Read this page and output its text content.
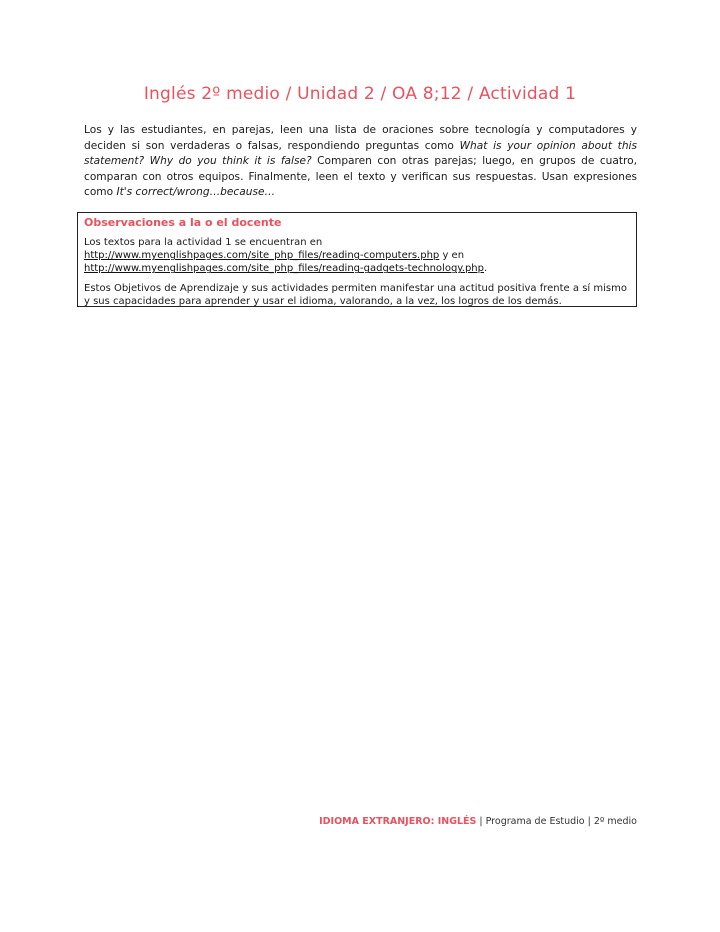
Inglés 2º medio / Unidad 2 / OA 8;12 / Actividad 1

Los y las estudiantes, en parejas, leen una lista de oraciones sobre tecnología y computadores y deciden si son verdaderas o falsas, respondiendo preguntas como What is your opinion about this statement? Why do you think it is false? Comparen con otras parejas; luego, en grupos de cuatro, comparan con otros equipos. Finalmente, leen el texto y verifican sus respuestas. Usan expresiones como It's correct/wrong…because…

Observaciones a la o el docente

Los textos para la actividad 1 se encuentran en
http://www.myenglishpages.com/site_php_files/reading-computers.php y en
http://www.myenglishpages.com/site_php_files/reading-gadgets-technology.php.

Estos Objetivos de Aprendizaje y sus actividades permiten manifestar una actitud positiva frente a sí mismo y sus capacidades para aprender y usar el idioma, valorando, a la vez, los logros de los demás.

IDIOMA EXTRANJERO: INGLÉS | Programa de Estudio | 2º medio
